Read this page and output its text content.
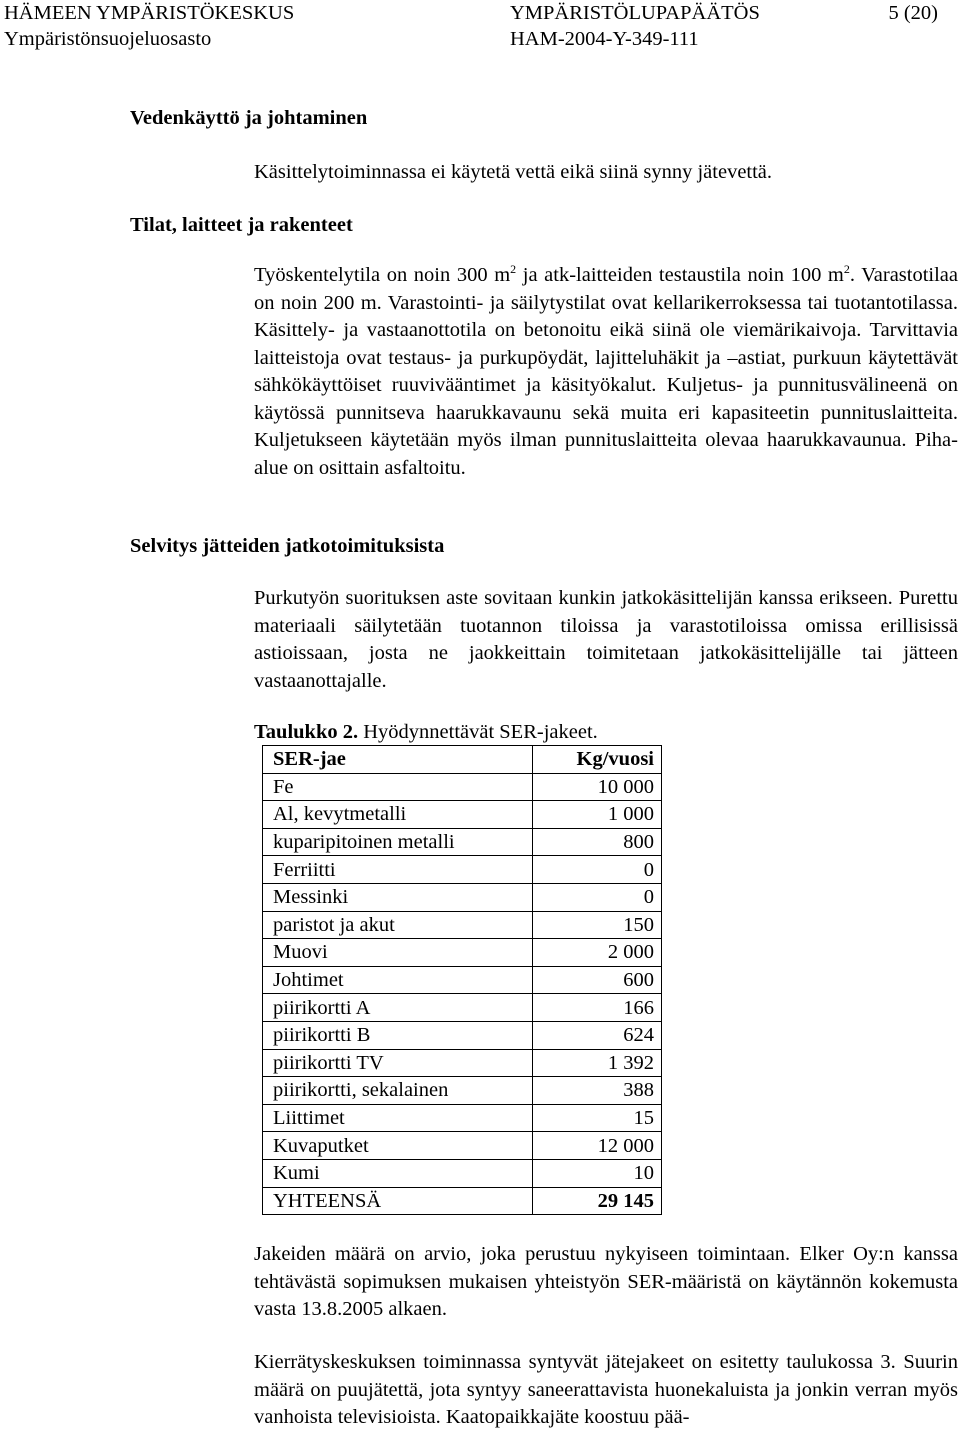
HÄMEEN YMPÄRISTÖKESKUS	YMPÄRISTÖLUPAPÄÄTÖS	5 (20)
Ympäristönsuojeluosasto	HAM-2004-Y-349-111
Vedenkäyttö ja johtaminen
Käsittelytoiminnassa ei käytetä vettä eikä siinä synny jätevettä.
Tilat, laitteet ja rakenteet
Työskentelytila on noin 300 $m^2$ ja atk-laitteiden testaustila noin 100 $m^2$. Varastotilaa on noin 200 m. Varastointi- ja säilytystilat ovat kellarikerroksessa tai tuotantotilassa. Käsittely- ja vastaanottotila on betonoitu eikä siinä ole viemärikaivoja. Tarvittavia laitteistoja ovat testaus- ja purkupöydät, lajitteluhäkit ja –astiat, purkuun käytettävät sähkökäyttöiset ruuvivääntimet ja käsityökalut. Kuljetus- ja punnitusvälineenä on käytössä punnitseva haarukkavaunu sekä muita eri kapasiteetin punnituslaitteita. Kuljetukseen käytetään myös ilman punnituslaitteita olevaa haarukkavaunua. Piha-alue on osittain asfaltoitu.
Selvitys jätteiden jatkotoimituksista
Purkutyön suorituksen aste sovitaan kunkin jatkokäsittelijän kanssa erikseen. Purettu materiaali säilytetään tuotannon tiloissa ja varastotiloissa omissa erillisissä astioissaan, josta ne jaokkeittain toimitetaan jatkokäsittelijälle tai jätteen vastaanottajalle.
Taulukko 2. Hyödynnettävät SER-jakeet.
SER-jae	Kg/vuosi
Fe	10 000
Al, kevytmetalli	1 000
kuparipitoinen metalli	800
Ferriitti	0
Messinki	0
paristot ja akut	150
Muovi	2 000
Johtimet	600
piirikortti A	166
piirikortti B	624
piirikortti TV	1 392
piirikortti, sekalainen	388
Liittimet	15
Kuvaputket	12 000
Kumi	10
YHTEENSÄ	29 145
Jakeiden määrä on arvio, joka perustuu nykyiseen toimintaan. Elker Oy:n kanssa tehtävästä sopimuksen mukaisen yhteistyön SER-määristä on käytännön kokemusta vasta 13.8.2005 alkaen.
Kierrätyskeskuksen toiminnassa syntyvät jätejakeet on esitetty taulukossa 3. Suurin määrä on puujätettä, jota syntyy saneerattavista huonekaluista ja jonkin verran myös vanhoista televisioista. Kaatopaikkajäte koostuu pää-
